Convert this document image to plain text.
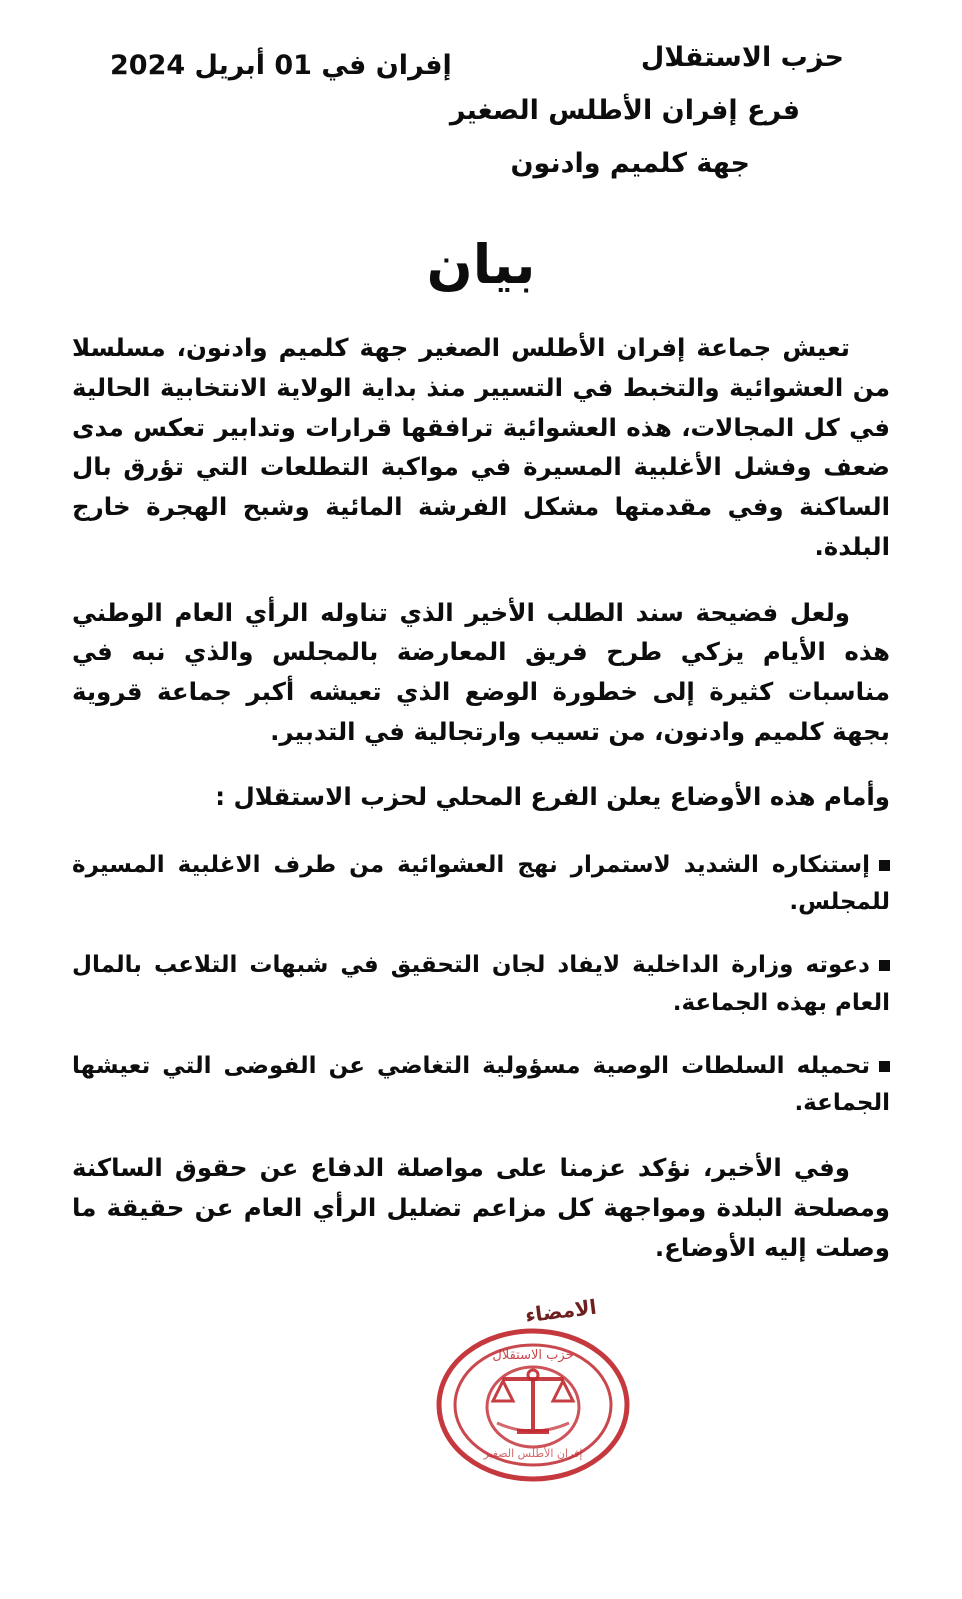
إفران في 01 أبريل 2024	حزب الاستقلال

فرع إفران الأطلس الصغير

جهة كلميم وادنون

بيان

تعيش جماعة إفران الأطلس الصغير جهة كلميم وادنون، مسلسلا من العشوائية والتخبط في التسيير منذ بداية الولاية الانتخابية الحالية في كل المجالات، هذه العشوائية ترافقها قرارات وتدابير تعكس مدى ضعف وفشل الأغلبية المسيرة في مواكبة التطلعات التي تؤرق بال الساكنة وفي مقدمتها مشكل الفرشة المائية وشبح الهجرة خارج البلدة.

ولعل فضيحة سند الطلب الأخير الذي تناوله الرأي العام الوطني هذه الأيام يزكي طرح فريق المعارضة بالمجلس والذي نبه في مناسبات كثيرة إلى خطورة الوضع الذي تعيشه أكبر جماعة قروية بجهة كلميم وادنون، من تسيب وارتجالية في التدبير.

وأمام هذه الأوضاع يعلن الفرع المحلي لحزب الاستقلال :

إستنكاره الشديد لاستمرار نهج العشوائية من طرف الاغلبية المسيرة للمجلس.
دعوته وزارة الداخلية لايفاد لجان التحقيق في شبهات التلاعب بالمال العام بهذه الجماعة.
تحميله السلطات الوصية مسؤولية التغاضي عن الفوضى التي تعيشها الجماعة.

وفي الأخير، نؤكد عزمنا على مواصلة الدفاع عن حقوق الساكنة ومصلحة البلدة ومواجهة كل مزاعم تضليل الرأي العام عن حقيقة ما وصلت إليه الأوضاع.

الامضاء
حزب الاستقلال
إفران الأطلس الصغير
